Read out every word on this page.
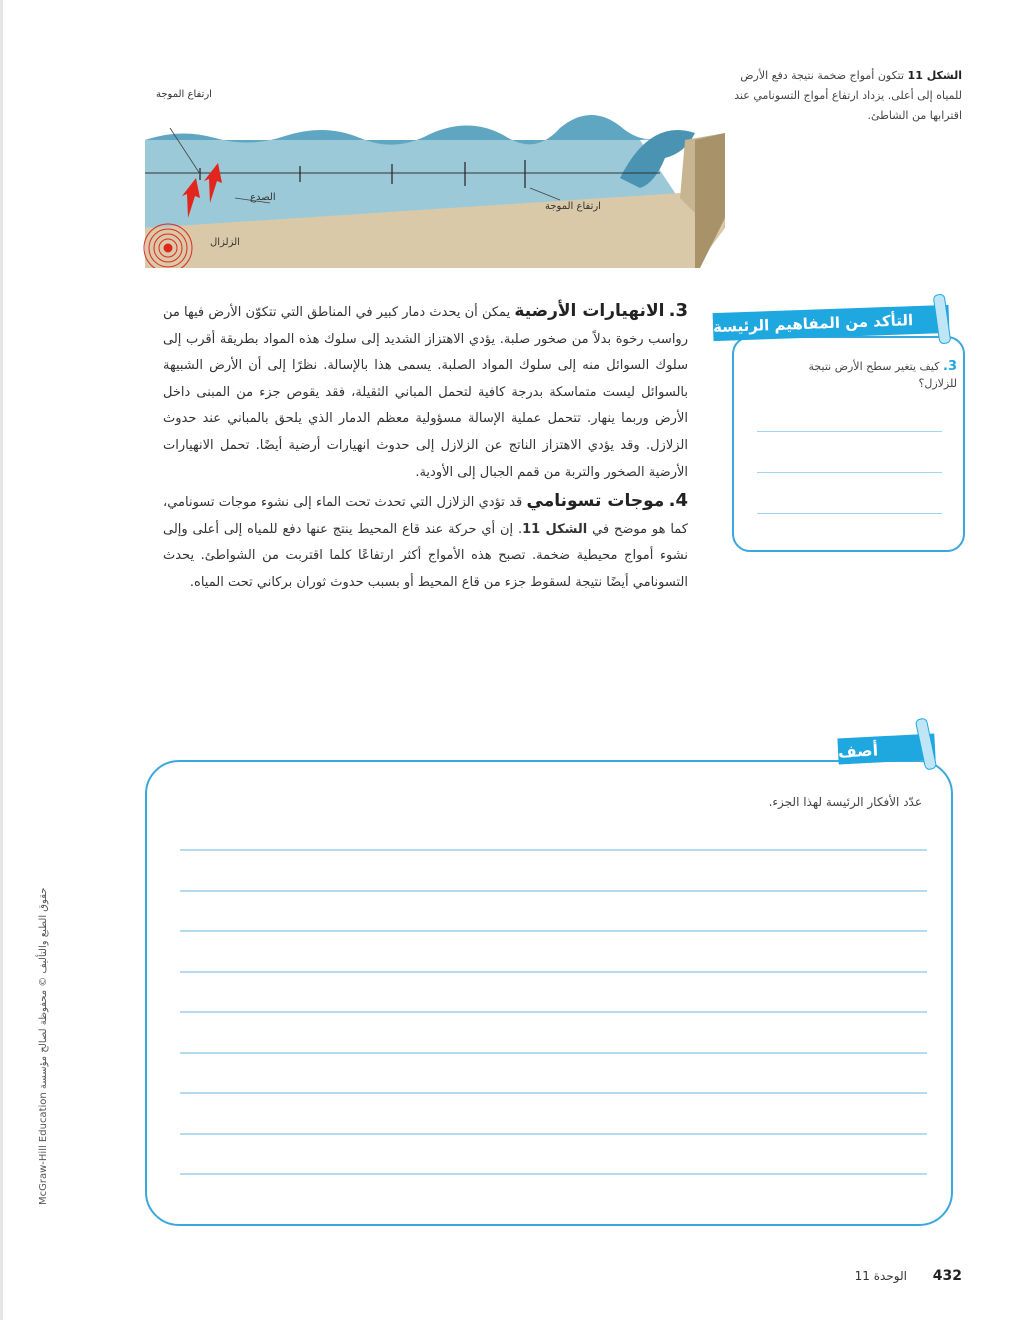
ارتفاع الموجة
الصدع
الزلزال
ارتفاع الموجة
الشكل 11 تتكون أمواج ضخمة نتيجة دفع الأرض للمياه إلى أعلى. يزداد ارتفاع أمواج التسونامي عند اقترابها من الشاطئ.

3. الانهيارات الأرضية يمكن أن يحدث دمار كبير في المناطق التي تتكوّن الأرض فيها من رواسب رخوة بدلاً من صخور صلبة. يؤدي الاهتزاز الشديد إلى سلوك هذه المواد بطريقة أقرب إلى سلوك السوائل منه إلى سلوك المواد الصلبة. يسمى هذا بالإسالة. نظرًا إلى أن الأرض الشبيهة بالسوائل ليست متماسكة بدرجة كافية لتحمل المباني الثقيلة، فقد يقوص جزء من المبنى داخل الأرض وربما ينهار. تتحمل عملية الإسالة مسؤولية معظم الدمار الذي يلحق بالمباني عند حدوث الزلازل. وقد يؤدي الاهتزاز الناتج عن الزلازل إلى حدوث انهيارات أرضية أيضًا. تحمل الانهيارات الأرضية الصخور والتربة من قمم الجبال إلى الأودية.

4. موجات تسونامي قد تؤدي الزلازل التي تحدث تحت الماء إلى نشوء موجات تسونامي، كما هو موضح في الشكل 11. إن أي حركة عند قاع المحيط ينتج عنها دفع للمياه إلى أعلى وإلى نشوء أمواج محيطية ضخمة. تصبح هذه الأمواج أكثر ارتفاعًا كلما اقتربت من الشواطئ. يحدث التسونامي أيضًا نتيجة لسقوط جزء من قاع المحيط أو بسبب حدوث ثوران بركاني تحت المياه.

التأكد من المفاهيم الرئيسة
3. كيف يتغير سطح الأرض نتيجة للزلازل؟
أصف
عدّد الأفكار الرئيسة لهذا الجزء.
حقوق الطبع والتأليف © محفوظة لصالح مؤسسة McGraw-Hill Education
432 الوحدة 11
